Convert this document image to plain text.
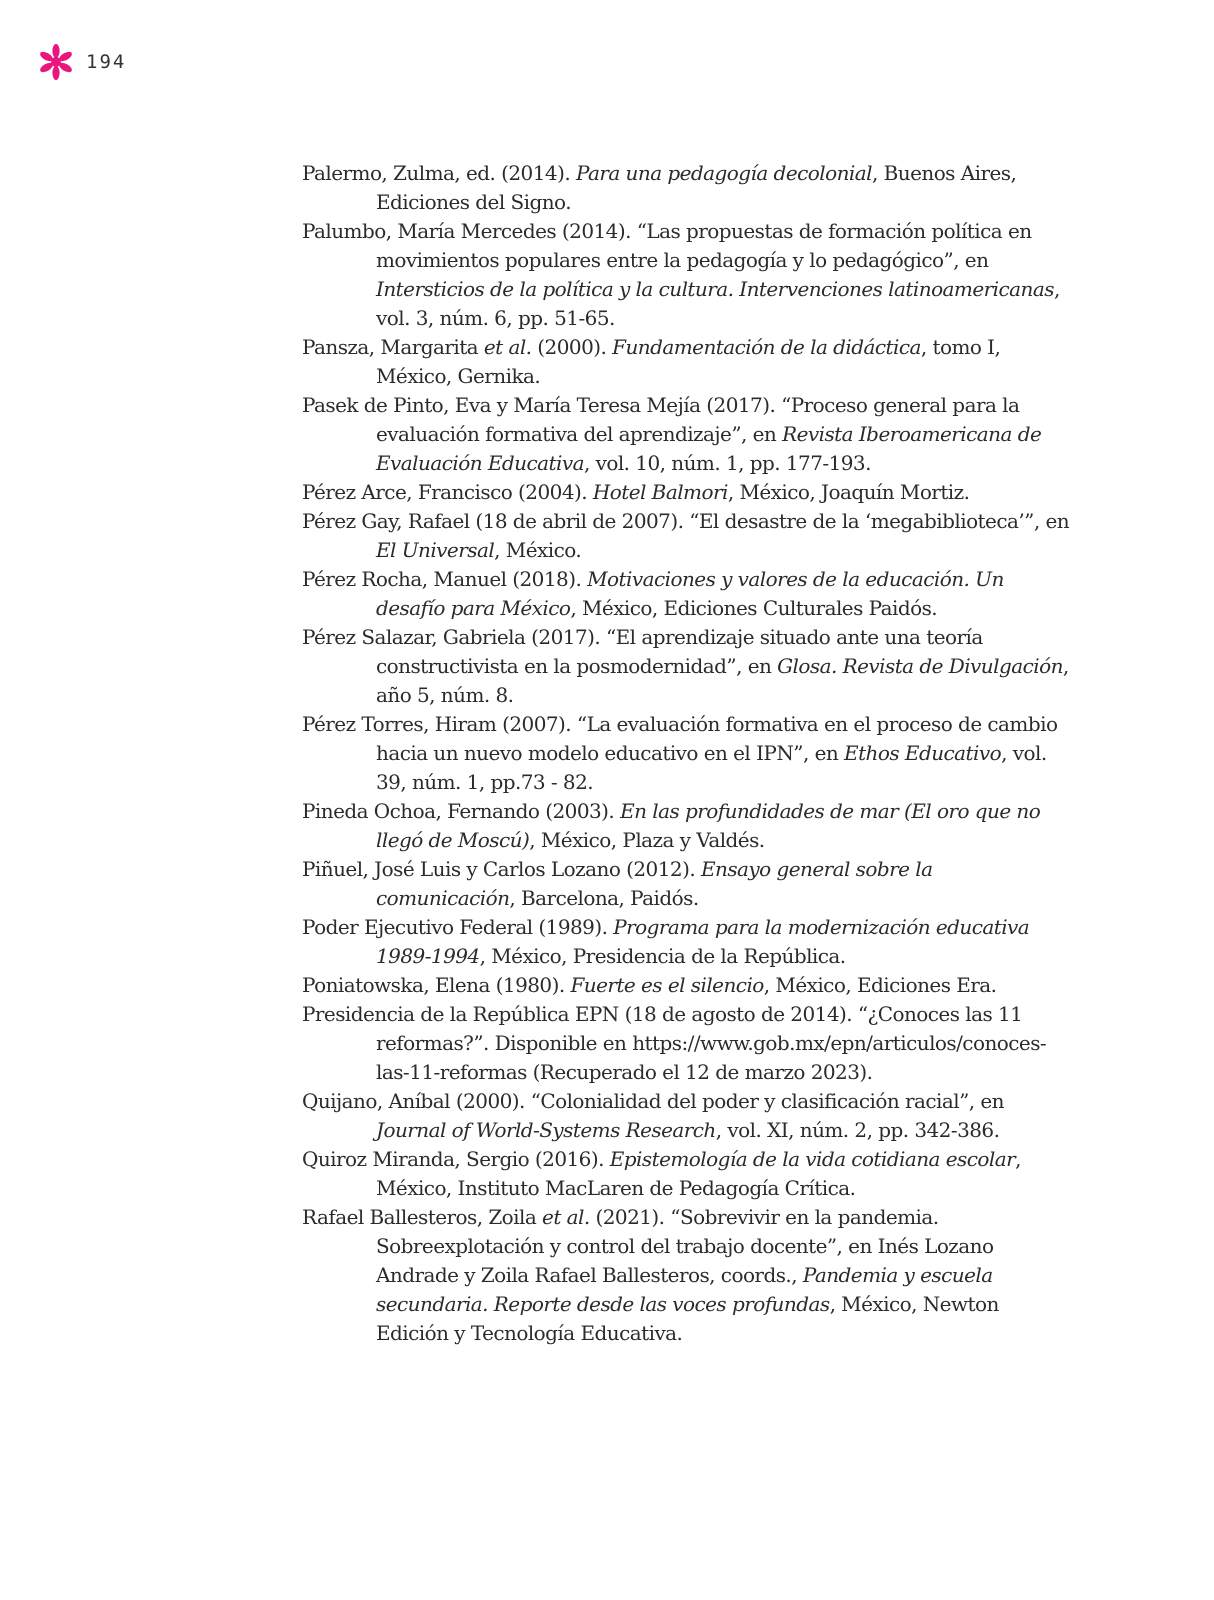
194

Palermo, Zulma, ed. (2014). Para una pedagogía decolonial, Buenos Aires, Ediciones del Signo.

Palumbo, María Mercedes (2014). “Las propuestas de formación política en movimientos populares entre la pedagogía y lo pedagógico”, en Intersticios de la política y la cultura. Intervenciones latinoamericanas, vol. 3, núm. 6, pp. 51-65.

Pansza, Margarita et al. (2000). Fundamentación de la didáctica, tomo I, México, Gernika.

Pasek de Pinto, Eva y María Teresa Mejía (2017). “Proceso general para la evaluación formativa del aprendizaje”, en Revista Iberoamericana de Evaluación Educativa, vol. 10, núm. 1, pp. 177-193.

Pérez Arce, Francisco (2004). Hotel Balmori, México, Joaquín Mortiz.

Pérez Gay, Rafael (18 de abril de 2007). “El desastre de la ‘megabiblioteca’”, en El Universal, México.

Pérez Rocha, Manuel (2018). Motivaciones y valores de la educación. Un desafío para México, México, Ediciones Culturales Paidós.

Pérez Salazar, Gabriela (2017). “El aprendizaje situado ante una teoría constructivista en la posmodernidad”, en Glosa. Revista de Divulgación, año 5, núm. 8.

Pérez Torres, Hiram (2007). “La evaluación formativa en el proceso de cambio hacia un nuevo modelo educativo en el IPN”, en Ethos Educativo, vol. 39, núm. 1, pp.73 - 82.

Pineda Ochoa, Fernando (2003). En las profundidades de mar (El oro que no llegó de Moscú), México, Plaza y Valdés.

Piñuel, José Luis y Carlos Lozano (2012). Ensayo general sobre la comunicación, Barcelona, Paidós.

Poder Ejecutivo Federal (1989). Programa para la modernización educativa 1989-1994, México, Presidencia de la República.

Poniatowska, Elena (1980). Fuerte es el silencio, México, Ediciones Era.

Presidencia de la República EPN (18 de agosto de 2014). “¿Conoces las 11 reformas?”. Disponible en https://www.gob.mx/epn/articulos/conoces-las-11-reformas (Recuperado el 12 de marzo 2023).

Quijano, Aníbal (2000). “Colonialidad del poder y clasificación racial”, en Journal of World-Systems Research, vol. XI, núm. 2, pp. 342-386.

Quiroz Miranda, Sergio (2016). Epistemología de la vida cotidiana escolar, México, Instituto MacLaren de Pedagogía Crítica.

Rafael Ballesteros, Zoila et al. (2021). “Sobrevivir en la pandemia. Sobreexplotación y control del trabajo docente”, en Inés Lozano Andrade y Zoila Rafael Ballesteros, coords., Pandemia y escuela secundaria. Reporte desde las voces profundas, México, Newton Edición y Tecnología Educativa.
